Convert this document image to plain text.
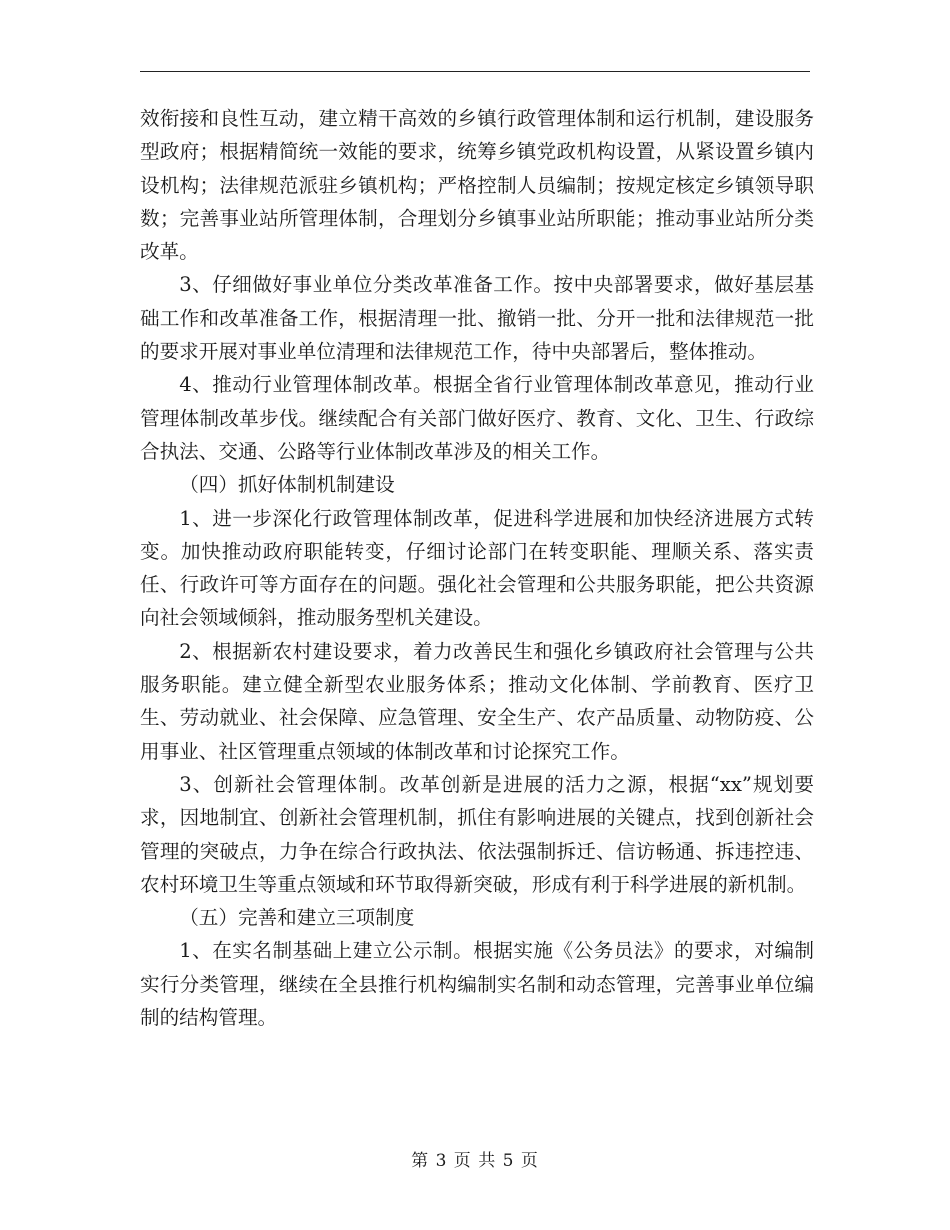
效衔接和良性互动，建立精干高效的乡镇行政管理体制和运行机制，建设服务型政府；根据精简统一效能的要求，统筹乡镇党政机构设置，从紧设置乡镇内设机构；法律规范派驻乡镇机构；严格控制人员编制；按规定核定乡镇领导职数；完善事业站所管理体制，合理划分乡镇事业站所职能；推动事业站所分类改革。

3、仔细做好事业单位分类改革准备工作。按中央部署要求，做好基层基础工作和改革准备工作，根据清理一批、撤销一批、分开一批和法律规范一批的要求开展对事业单位清理和法律规范工作，待中央部署后，整体推动。

4、推动行业管理体制改革。根据全省行业管理体制改革意见，推动行业管理体制改革步伐。继续配合有关部门做好医疗、教育、文化、卫生、行政综合执法、交通、公路等行业体制改革涉及的相关工作。

（四）抓好体制机制建设

1、进一步深化行政管理体制改革，促进科学进展和加快经济进展方式转变。加快推动政府职能转变，仔细讨论部门在转变职能、理顺关系、落实责任、行政许可等方面存在的问题。强化社会管理和公共服务职能，把公共资源向社会领域倾斜，推动服务型机关建设。

2、根据新农村建设要求，着力改善民生和强化乡镇政府社会管理与公共服务职能。建立健全新型农业服务体系；推动文化体制、学前教育、医疗卫生、劳动就业、社会保障、应急管理、安全生产、农产品质量、动物防疫、公用事业、社区管理重点领域的体制改革和讨论探究工作。

3、创新社会管理体制。改革创新是进展的活力之源，根据“xx”规划要求，因地制宜、创新社会管理机制，抓住有影响进展的关键点，找到创新社会管理的突破点，力争在综合行政执法、依法强制拆迁、信访畅通、拆违控违、农村环境卫生等重点领域和环节取得新突破，形成有利于科学进展的新机制。

（五）完善和建立三项制度

1、在实名制基础上建立公示制。根据实施《公务员法》的要求，对编制实行分类管理，继续在全县推行机构编制实名制和动态管理，完善事业单位编制的结构管理。

第 3 页 共 5 页
